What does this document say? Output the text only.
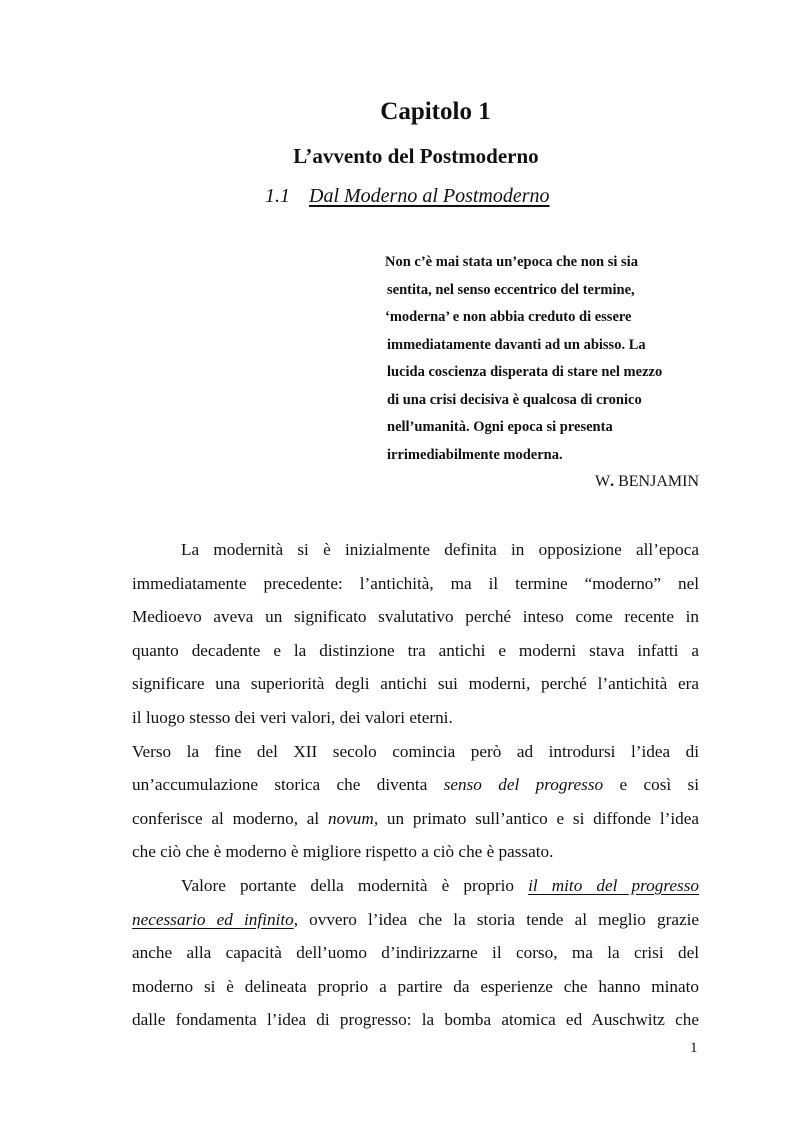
Capitolo 1
L’avvento del Postmoderno
1.1 Dal Moderno al Postmoderno
Non c’è mai stata un’epoca che non si sia
sentita, nel senso eccentrico del termine,
‘moderna’ e non abbia creduto di essere
immediatamente davanti ad un abisso. La
lucida coscienza disperata di stare nel mezzo
di una crisi decisiva è qualcosa di cronico
nell’umanità. Ogni epoca si presenta
irrimediabilmente moderna.
W. BENJAMIN
La modernità si è inizialmente definita in opposizione all’epoca
immediatamente precedente: l’antichità, ma il termine “moderno” nel
Medioevo aveva un significato svalutativo perché inteso come recente in
quanto decadente e la distinzione tra antichi e moderni stava infatti a
significare una superiorità degli antichi sui moderni, perché l’antichità era
il luogo stesso dei veri valori, dei valori eterni.
Verso la fine del XII secolo comincia però ad introdursi l’idea di
un’accumulazione storica che diventa senso del progresso e così si
conferisce al moderno, al novum, un primato sull’antico e si diffonde l’idea
che ciò che è moderno è migliore rispetto a ciò che è passato.
Valore portante della modernità è proprio il mito del progresso
necessario ed infinito, ovvero l’idea che la storia tende al meglio grazie
anche alla capacità dell’uomo d’indirizzarne il corso, ma la crisi del
moderno si è delineata proprio a partire da esperienze che hanno minato
dalle fondamenta l’idea di progresso: la bomba atomica ed Auschwitz che
1
